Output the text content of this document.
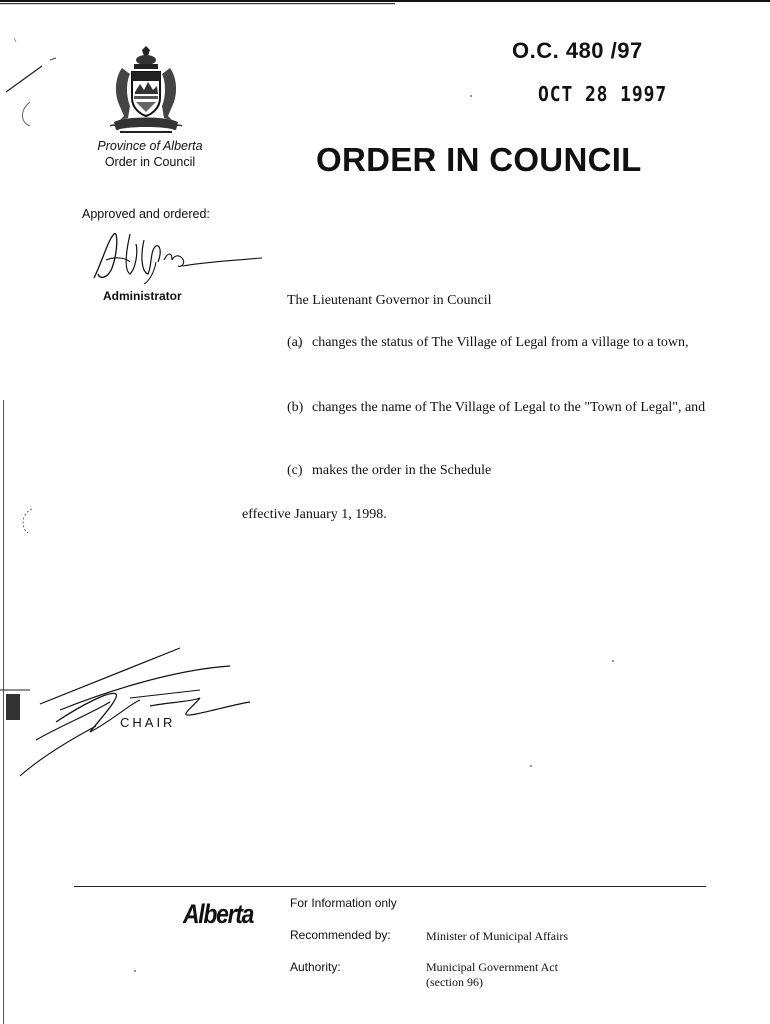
O.C. 480 /97
OCT 28 1997
Province of Alberta
Order in Council	ORDER IN COUNCIL
Approved and ordered:
Administrator	The Lieutenant Governor in Council
(a) changes the status of The Village of Legal from a village to a town,
(b) changes the name of The Village of Legal to the "Town of Legal", and
(c) makes the order in the Schedule
effective January 1, 1998.
CHAIR
Alberta	For Information only
Recommended by:	Minister of Municipal Affairs
Authority:	Municipal Government Act
(section 96)
